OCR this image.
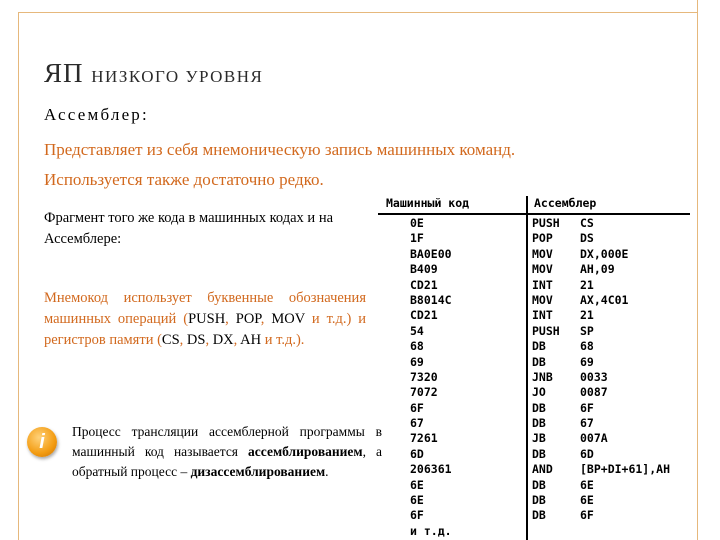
ЯП НИЗКОГО УРОВНЯ
Ассемблер:
Представляет из себя мнемоническую запись машинных команд.
Используется также достаточно редко.
Фрагмент того же кода в машинных кодах и на Ассемблере:
Мнемокод использует буквенные обозначения машинных операций (PUSH, POP, MOV и т.д.) и регистров памяти (CS, DS, DX, AH и т.д.).
i	Процесс трансляции ассемблерной программы в машинный код называется ассемблированием, а обратный процесс – дизассемблированием.
Машинный код	Ассемблер
0E	PUSH CS
1F	POP DS
BA0E00	MOV DX,000E
B409	MOV AH,09
CD21	INT 21
B8014C	MOV AX,4C01
CD21	INT 21
54	PUSH SP
68	DB	68
69	DB	69
7320	JNB 0033
7072	JO	0087
6F	DB	6F
67	DB	67
7261	JB	007A
6D	DB	6D
206361	AND [BP+DI+61],AH
6E	DB	6E
6E	DB	6E
6F	DB	6F
и т.д.
